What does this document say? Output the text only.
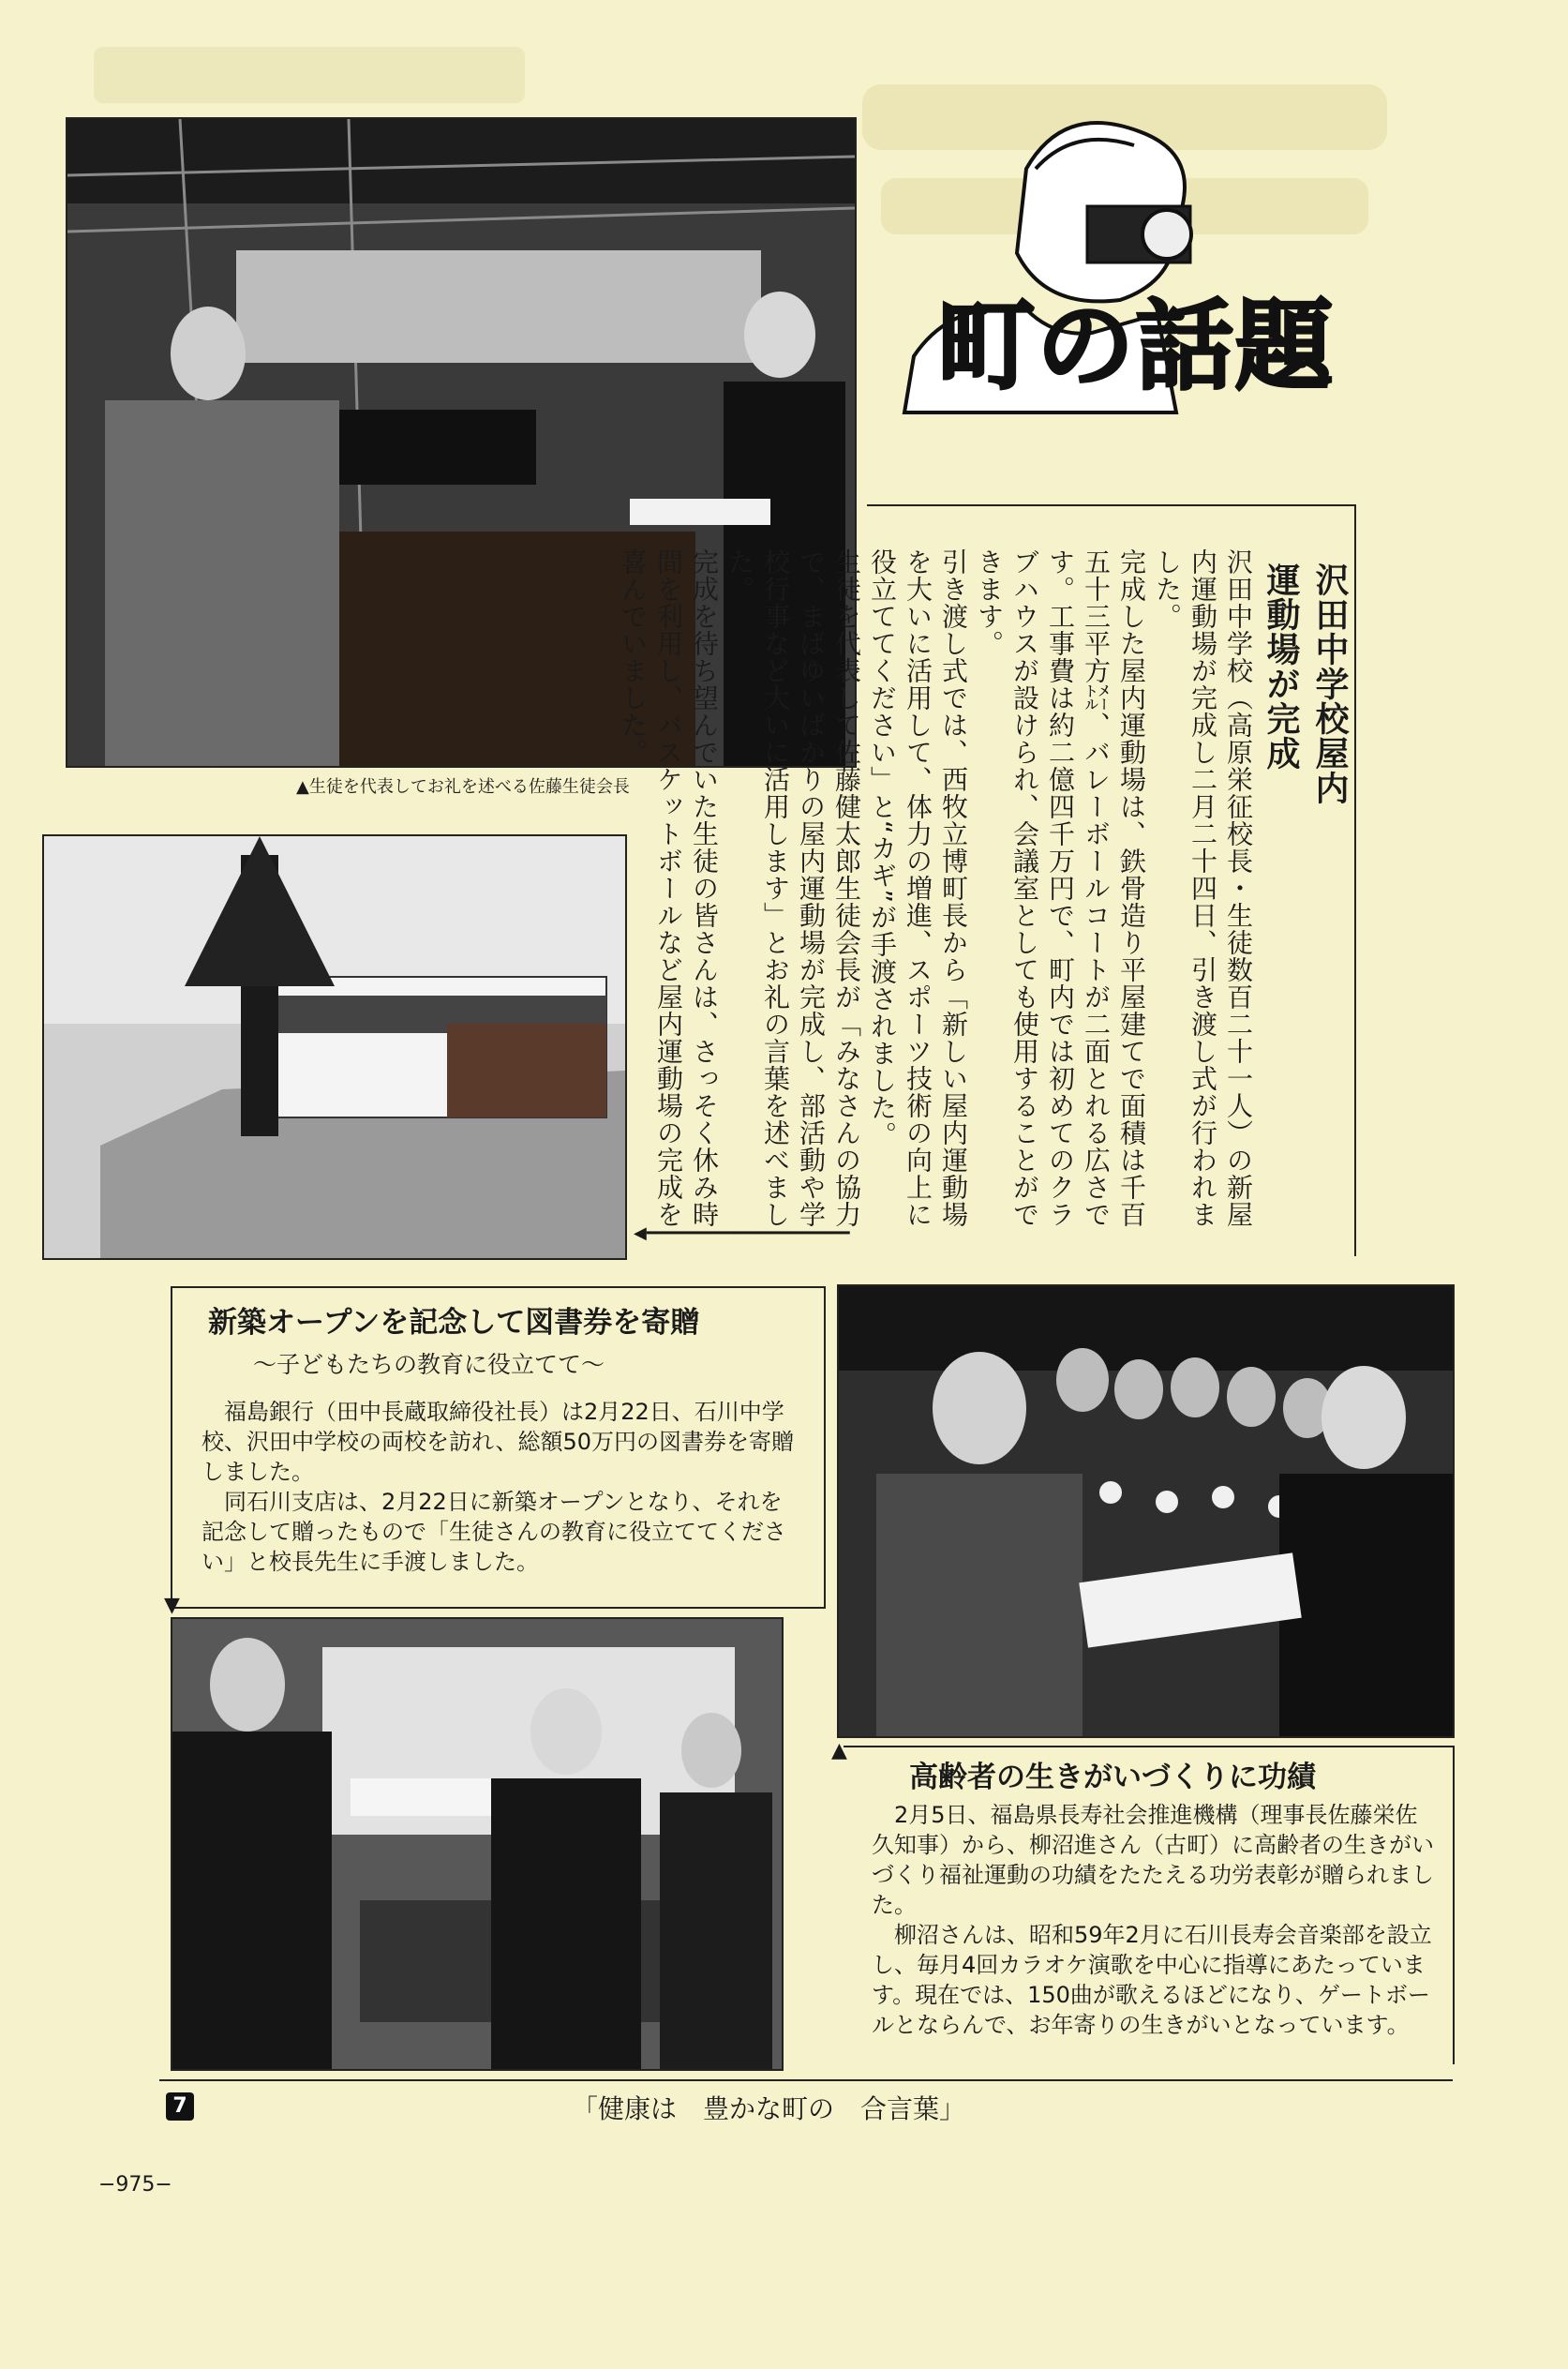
▲生徒を代表してお礼を述べる佐藤生徒会長
町の話題
沢田中学校屋内
運動場が完成
沢田中学校（高原栄征校長・生徒数百二十一人）の新屋内運動場が完成し二月二十四日、引き渡し式が行われました。
完成した屋内運動場は、鉄骨造り平屋建てで面積は千百五十三平方㍍、バレーボールコートが二面とれる広さです。工事費は約二億四千万円で、町内では初めてのクラブハウスが設けられ、会議室としても使用することができます。
引き渡し式では、西牧立博町長から「新しい屋内運動場を大いに活用して、体力の増進、スポーツ技術の向上に役立ててください」と“カギ”が手渡されました。
生徒を代表して佐藤健太郎生徒会長が「みなさんの協力で、まばゆいばかりの屋内運動場が完成し、部活動や学校行事など大いに活用します」とお礼の言葉を述べました。
完成を待ち望んでいた生徒の皆さんは、さっそく休み時間を利用し、バスケットボールなど屋内運動場の完成を喜んでいました。
◀━━━━━━━━━━━━━━━━━━━━
新築オープンを記念して図書券を寄贈
〜子どもたちの教育に役立てて〜

福島銀行（田中長蔵取締役社長）は2月22日、石川中学校、沢田中学校の両校を訪れ、総額50万円の図書券を寄贈しました。

同石川支店は、2月22日に新築オープンとなり、それを記念して贈ったもので「生徒さんの教育に役立ててください」と校長先生に手渡しました。

▼
▲
高齢者の生きがいづくりに功績

2月5日、福島県長寿社会推進機構（理事長佐藤栄佐久知事）から、柳沼進さん（古町）に高齢者の生きがいづくり福祉運動の功績をたたえる功労表彰が贈られました。

柳沼さんは、昭和59年2月に石川長寿会音楽部を設立し、毎月4回カラオケ演歌を中心に指導にあたっています。現在では、150曲が歌えるほどになり、ゲートボールとならんで、お年寄りの生きがいとなっています。

7	「健康は　豊かな町の　合言葉」
−975−
